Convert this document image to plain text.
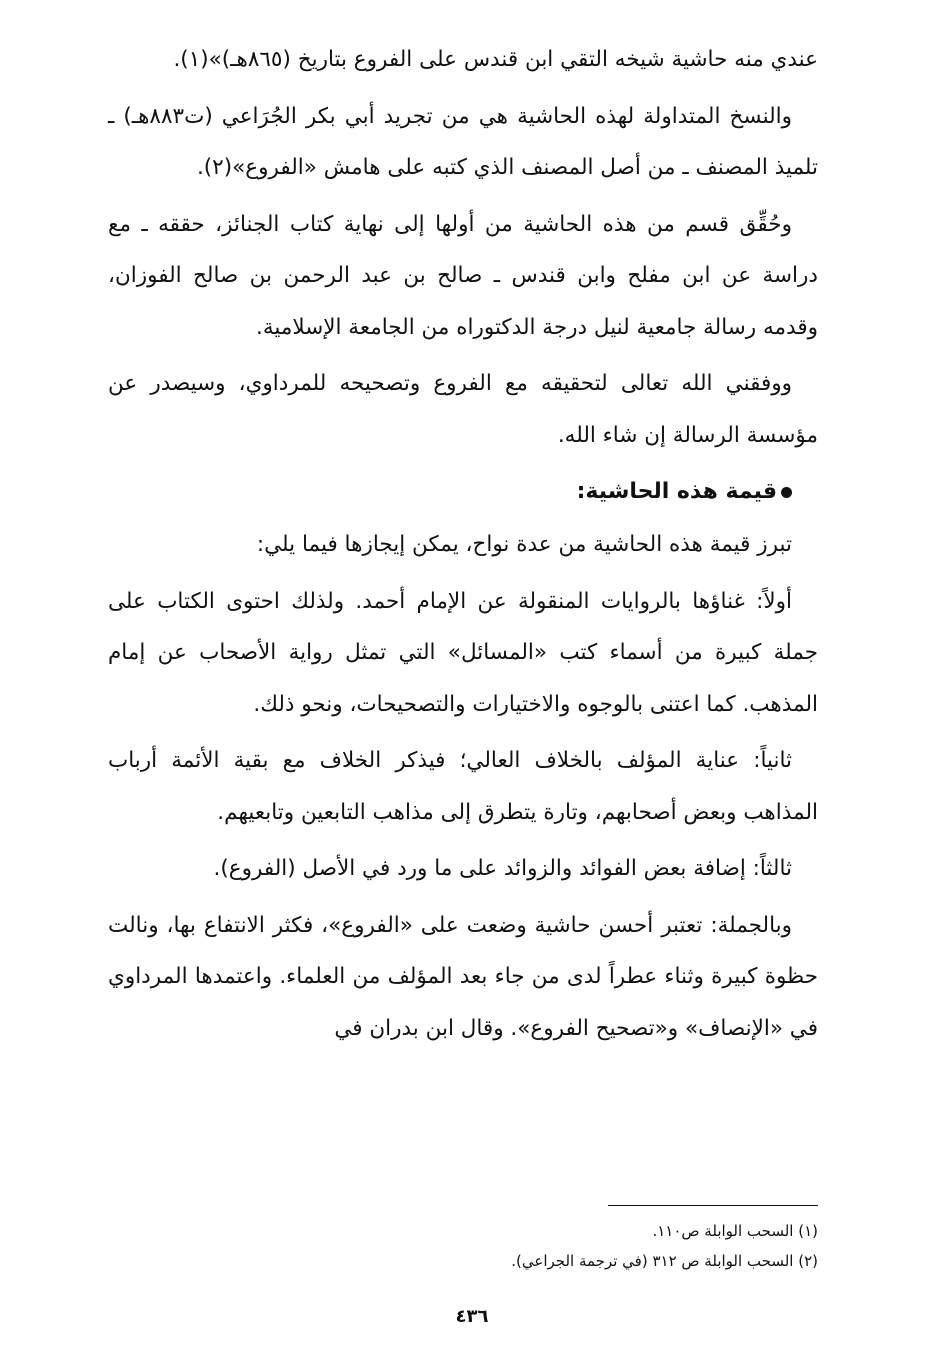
عندي منه حاشية شيخه التقي ابن قندس على الفروع بتاريخ (٨٦٥هـ)»(١).

والنسخ المتداولة لهذه الحاشية هي من تجريد أبي بكر الجُرَاعي (ت٨٨٣هـ) ـ تلميذ المصنف ـ من أصل المصنف الذي كتبه على هامش «الفروع»(٢).

وحُقِّق قسم من هذه الحاشية من أولها إلى نهاية كتاب الجنائز، حققه ـ مع دراسة عن ابن مفلح وابن قندس ـ صالح بن عبد الرحمن بن صالح الفوزان، وقدمه رسالة جامعية لنيل درجة الدكتوراه من الجامعة الإسلامية.

ووفقني الله تعالى لتحقيقه مع الفروع وتصحيحه للمرداوي، وسيصدر عن مؤسسة الرسالة إن شاء الله.

قيمة هذه الحاشية:

تبرز قيمة هذه الحاشية من عدة نواح، يمكن إيجازها فيما يلي:

أولاً: غناؤها بالروايات المنقولة عن الإمام أحمد. ولذلك احتوى الكتاب على جملة كبيرة من أسماء كتب «المسائل» التي تمثل رواية الأصحاب عن إمام المذهب. كما اعتنى بالوجوه والاختيارات والتصحيحات، ونحو ذلك.

ثانياً: عناية المؤلف بالخلاف العالي؛ فيذكر الخلاف مع بقية الأئمة أرباب المذاهب وبعض أصحابهم، وتارة يتطرق إلى مذاهب التابعين وتابعيهم.

ثالثاً: إضافة بعض الفوائد والزوائد على ما ورد في الأصل (الفروع).

وبالجملة: تعتبر أحسن حاشية وضعت على «الفروع»، فكثر الانتفاع بها، ونالت حظوة كبيرة وثناء عطراً لدى من جاء بعد المؤلف من العلماء. واعتمدها المرداوي في «الإنصاف» و«تصحيح الفروع». وقال ابن بدران في

(١) السحب الوابلة ص١١٠.

(٢) السحب الوابلة ص ٣١٢ (في ترجمة الجراعي).

٤٣٦
